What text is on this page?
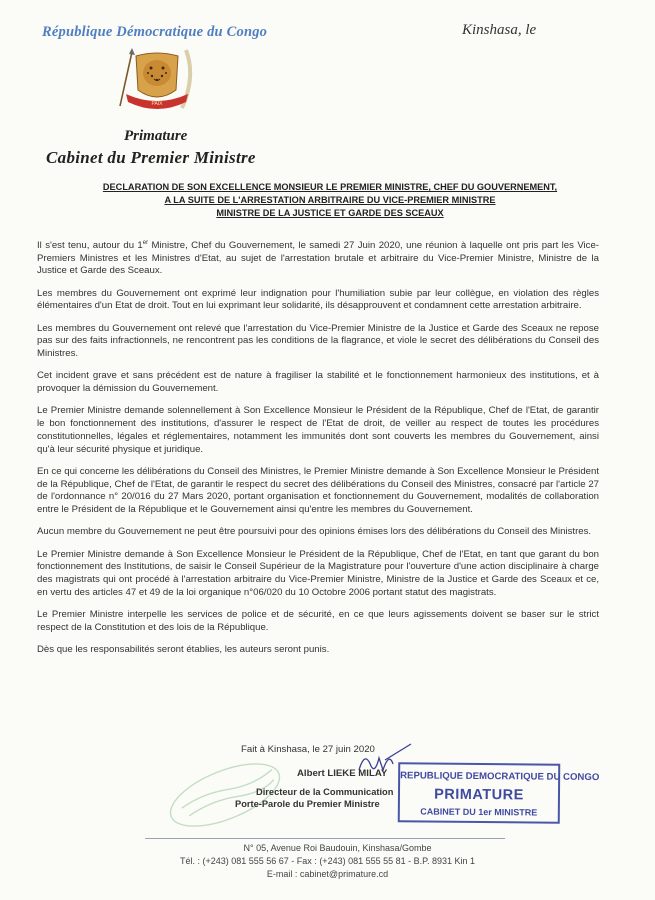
République Démocratique du Congo	Kinshasa, le
PAIX
Primature
Cabinet du Premier Ministre
DECLARATION DE SON EXCELLENCE MONSIEUR LE PREMIER MINISTRE, CHEF DU GOUVERNEMENT,
A LA SUITE DE L'ARRESTATION ARBITRAIRE DU VICE-PREMIER MINISTRE
MINISTRE DE LA JUSTICE ET GARDE DES SCEAUX

Il s'est tenu, autour du 1er Ministre, Chef du Gouvernement, le samedi 27 Juin 2020, une réunion à laquelle ont pris part les Vice-Premiers Ministres et les Ministres d'Etat, au sujet de l'arrestation brutale et arbitraire du Vice-Premier Ministre, Ministre de la Justice et Garde des Sceaux.

Les membres du Gouvernement ont exprimé leur indignation pour l'humiliation subie par leur collègue, en violation des règles élémentaires d'un Etat de droit. Tout en lui exprimant leur solidarité, ils désapprouvent et condamnent cette arrestation arbitraire.

Les membres du Gouvernement ont relevé que l'arrestation du Vice-Premier Ministre de la Justice et Garde des Sceaux ne repose pas sur des faits infractionnels, ne rencontrent pas les conditions de la flagrance, et viole le secret des délibérations du Conseil des Ministres.

Cet incident grave et sans précédent est de nature à fragiliser la stabilité et le fonctionnement harmonieux des institutions, et à provoquer la démission du Gouvernement.

Le Premier Ministre demande solennellement à Son Excellence Monsieur le Président de la République, Chef de l'Etat, de garantir le bon fonctionnement des institutions, d'assurer le respect de l'Etat de droit, de veiller au respect de toutes les procédures constitutionnelles, légales et réglementaires, notamment les immunités dont sont couverts les membres du Gouvernement, ainsi qu'à leur sécurité physique et juridique.

En ce qui concerne les délibérations du Conseil des Ministres, le Premier Ministre demande à Son Excellence Monsieur le Président de la République, Chef de l'Etat, de garantir le respect du secret des délibérations du Conseil des Ministres, consacré par l'article 27 de l'ordonnance n° 20/016 du 27 Mars 2020, portant organisation et fonctionnement du Gouvernement, modalités de collaboration entre le Président de la République et le Gouvernement ainsi qu'entre les membres du Gouvernement.

Aucun membre du Gouvernement ne peut être poursuivi pour des opinions émises lors des délibérations du Conseil des Ministres.

Le Premier Ministre demande à Son Excellence Monsieur le Président de la République, Chef de l'Etat, en tant que garant du bon fonctionnement des Institutions, de saisir le Conseil Supérieur de la Magistrature pour l'ouverture d'une action disciplinaire à charge des magistrats qui ont procédé à l'arrestation arbitraire du Vice-Premier Ministre, Ministre de la Justice et Garde des Sceaux et ce, en vertu des articles 47 et 49 de la loi organique n°06/020 du 10 Octobre 2006 portant statut des magistrats.

Le Premier Ministre interpelle les services de police et de sécurité, en ce que leurs agissements doivent se baser sur le strict respect de la Constitution et des lois de la République.

Dès que les responsabilités seront établies, les auteurs seront punis.

Fait à Kinshasa, le 27 juin 2020
Albert LIEKE MILAY
Directeur de la Communication
Porte-Parole du Premier Ministre
REPUBLIQUE DEMOCRATIQUE DU CONGO
PRIMATURE
CABINET DU 1er MINISTRE
N° 05, Avenue Roi Baudouin, Kinshasa/Gombe
Tél. : (+243) 081 555 56 67 - Fax : (+243) 081 555 55 81 - B.P. 8931 Kin 1
E-mail : cabinet@primature.cd
